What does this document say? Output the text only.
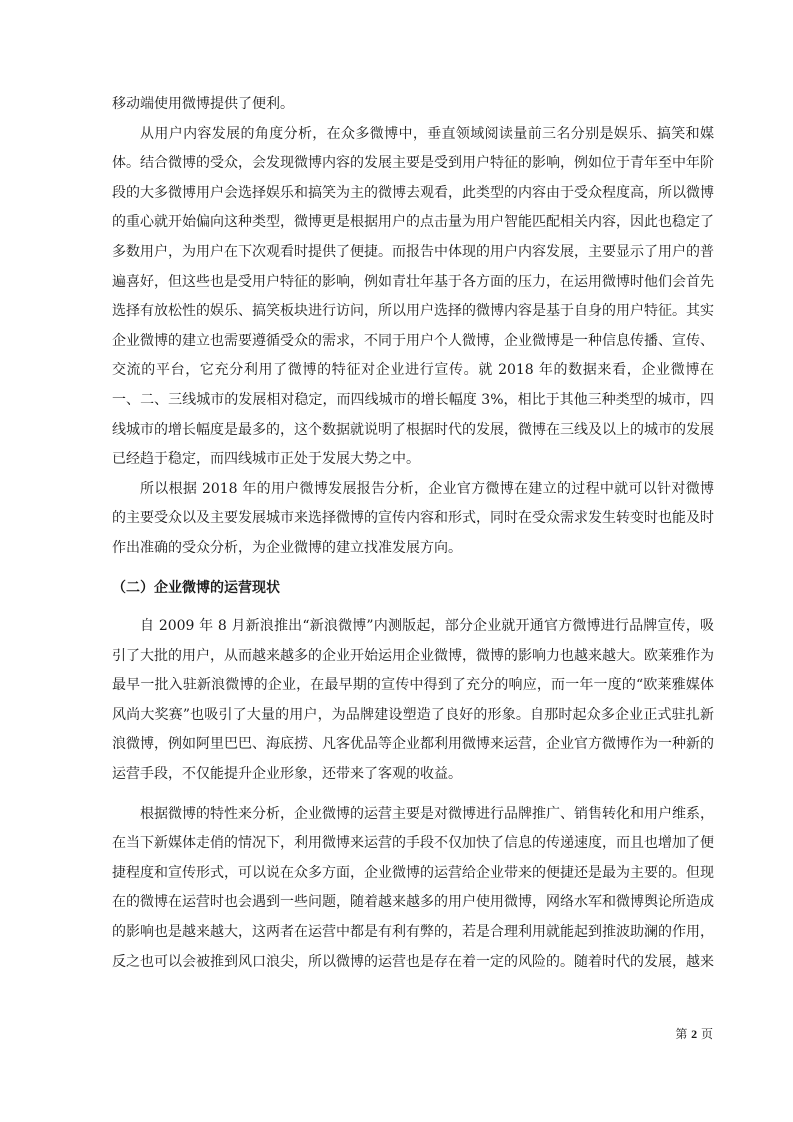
移动端使用微博提供了便利。

从用户内容发展的角度分析，在众多微博中，垂直领域阅读量前三名分别是娱乐、搞笑和媒体。结合微博的受众，会发现微博内容的发展主要是受到用户特征的影响，例如位于青年至中年阶段的大多微博用户会选择娱乐和搞笑为主的微博去观看，此类型的内容由于受众程度高，所以微博的重心就开始偏向这种类型，微博更是根据用户的点击量为用户智能匹配相关内容，因此也稳定了多数用户，为用户在下次观看时提供了便捷。而报告中体现的用户内容发展，主要显示了用户的普遍喜好，但这些也是受用户特征的影响，例如青壮年基于各方面的压力，在运用微博时他们会首先选择有放松性的娱乐、搞笑板块进行访问，所以用户选择的微博内容是基于自身的用户特征。其实企业微博的建立也需要遵循受众的需求，不同于用户个人微博，企业微博是一种信息传播、宣传、交流的平台，它充分利用了微博的特征对企业进行宣传。就 2018 年的数据来看，企业微博在一、二、三线城市的发展相对稳定，而四线城市的增长幅度 3%，相比于其他三种类型的城市，四线城市的增长幅度是最多的，这个数据就说明了根据时代的发展，微博在三线及以上的城市的发展已经趋于稳定，而四线城市正处于发展大势之中。

所以根据 2018 年的用户微博发展报告分析，企业官方微博在建立的过程中就可以针对微博的主要受众以及主要发展城市来选择微博的宣传内容和形式，同时在受众需求发生转变时也能及时作出准确的受众分析，为企业微博的建立找准发展方向。

（二）企业微博的运营现状

自 2009 年 8 月新浪推出“新浪微博”内测版起，部分企业就开通官方微博进行品牌宣传，吸引了大批的用户，从而越来越多的企业开始运用企业微博，微博的影响力也越来越大。欧莱雅作为最早一批入驻新浪微博的企业，在最早期的宣传中得到了充分的响应，而一年一度的“欧莱雅媒体风尚大奖赛”也吸引了大量的用户，为品牌建设塑造了良好的形象。自那时起众多企业正式驻扎新浪微博，例如阿里巴巴、海底捞、凡客优品等企业都利用微博来运营，企业官方微博作为一种新的运营手段，不仅能提升企业形象，还带来了客观的收益。

根据微博的特性来分析，企业微博的运营主要是对微博进行品牌推广、销售转化和用户维系，在当下新媒体走俏的情况下，利用微博来运营的手段不仅加快了信息的传递速度，而且也增加了便捷程度和宣传形式，可以说在众多方面，企业微博的运营给企业带来的便捷还是最为主要的。但现在的微博在运营时也会遇到一些问题，随着越来越多的用户使用微博，网络水军和微博舆论所造成的影响也是越来越大，这两者在运营中都是有利有弊的，若是合理利用就能起到推波助澜的作用，反之也可以会被推到风口浪尖，所以微博的运营也是存在着一定的风险的。随着时代的发展，越来

第 2 页
